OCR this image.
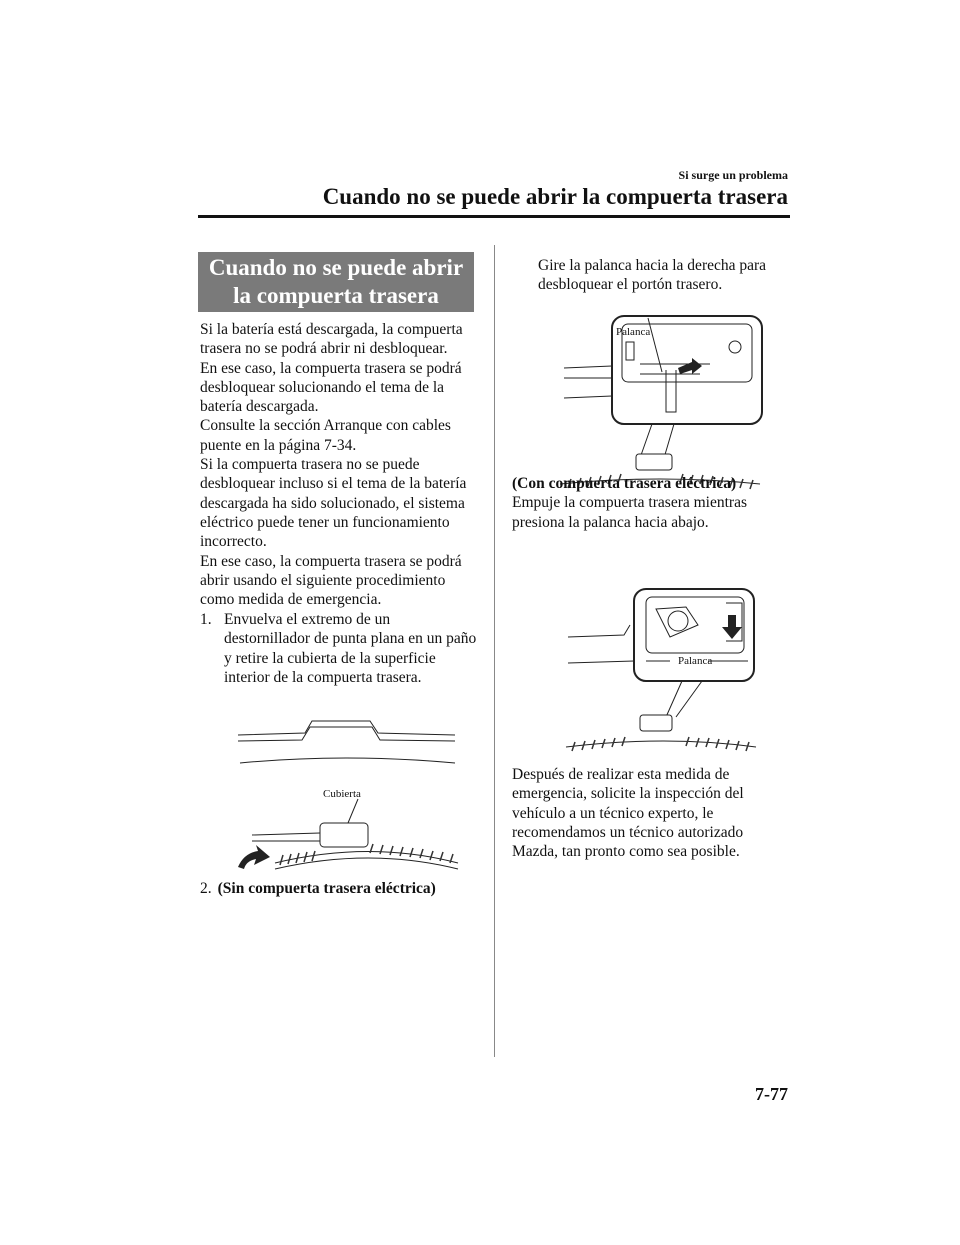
Si surge un problema
Cuando no se puede abrir la compuerta trasera
Cuando no se puede abrir
la compuerta trasera

Si la batería está descargada, la compuerta trasera no se podrá abrir ni desbloquear.

En ese caso, la compuerta trasera se podrá desbloquear solucionando el tema de la batería descargada.

Consulte la sección Arranque con cables puente en la página 7-34.

Si la compuerta trasera no se puede desbloquear incluso si el tema de la batería descargada ha sido solucionado, el sistema eléctrico puede tener un funcionamiento incorrecto.

En ese caso, la compuerta trasera se podrá abrir usando el siguiente procedimiento como medida de emergencia.

1. Envuelva el extremo de un destornillador de punta plana en un paño y retire la cubierta de la superficie interior de la compuerta trasera.
Cubierta
2. (Sin compuerta trasera eléctrica)
Gire la palanca hacia la derecha para desbloquear el portón trasero.
Palanca
(Con compuerta trasera eléctrica)
Empuje la compuerta trasera mientras presiona la palanca hacia abajo.
Palanca
Después de realizar esta medida de emergencia, solicite la inspección del vehículo a un técnico experto, le recomendamos un técnico autorizado Mazda, tan pronto como sea posible.
7-77
